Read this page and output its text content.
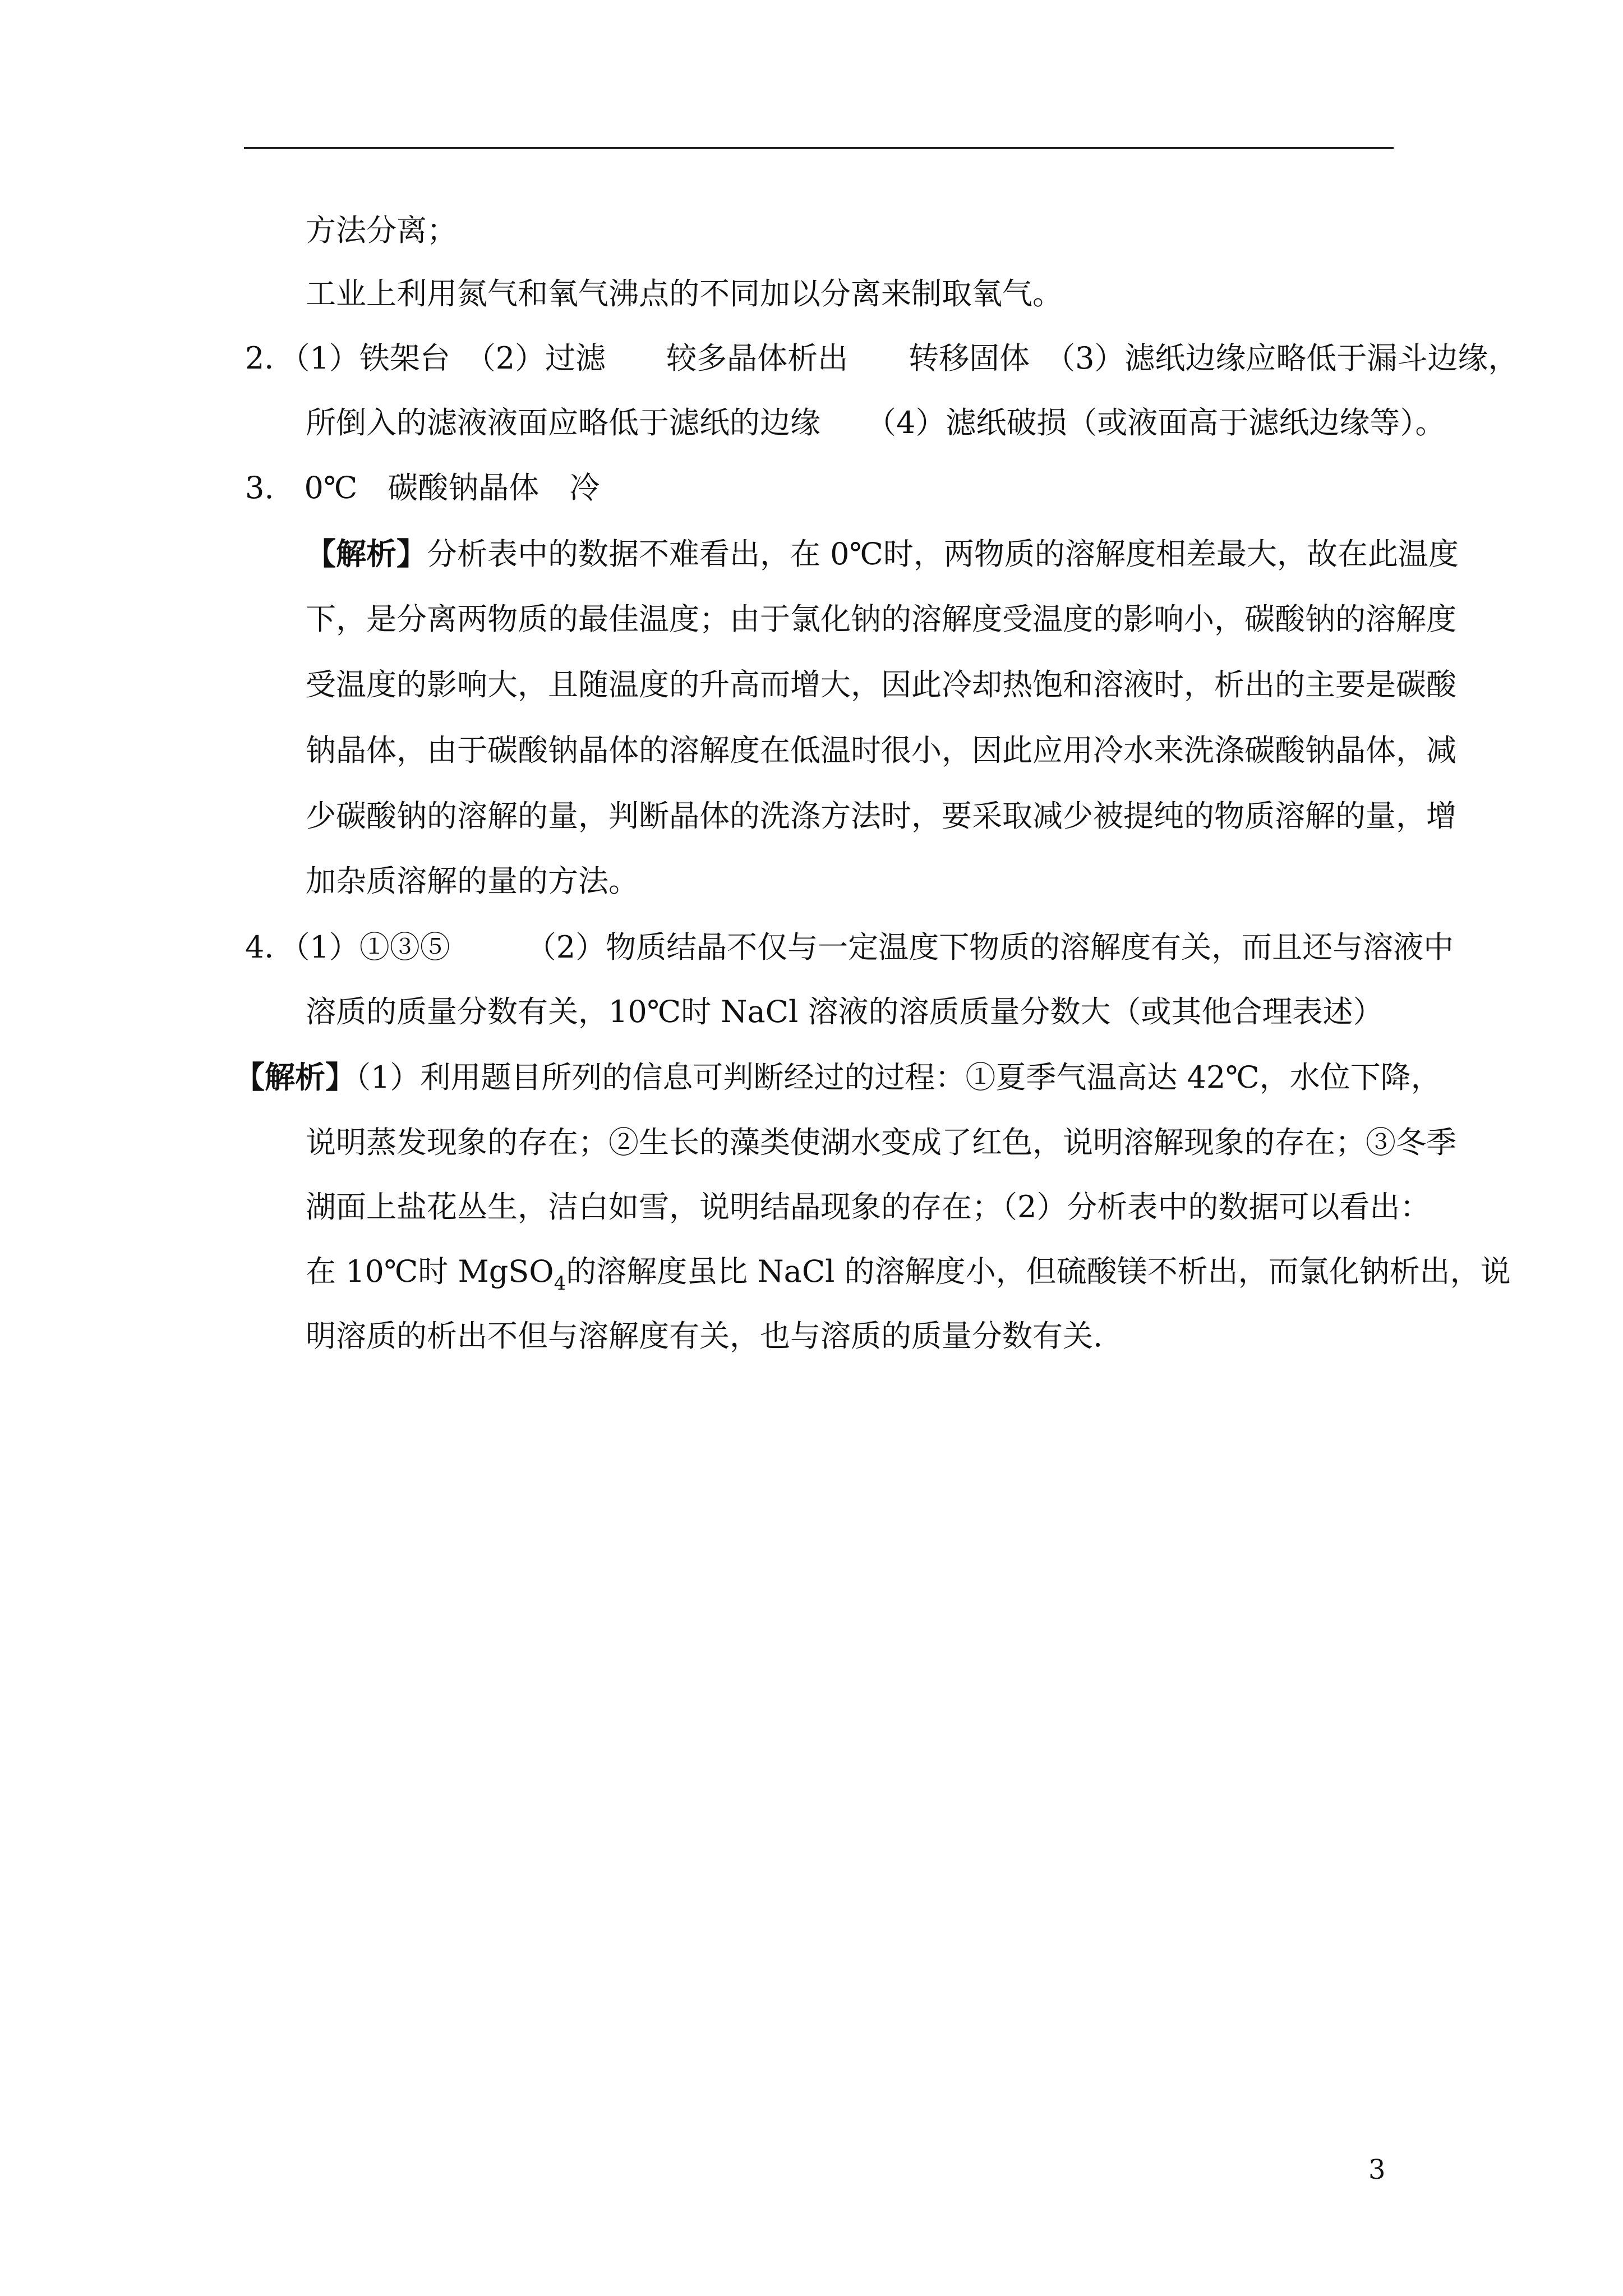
方法分离；
工业上利用氮气和氧气沸点的不同加以分离来制取氧气。
2．（1）铁架台　（2）过滤　　较多晶体析出　　转移固体　（3）滤纸边缘应略低于漏斗边缘，
所倒入的滤液液面应略低于滤纸的边缘　　（4）滤纸破损（或液面高于滤纸边缘等）。
3.　0℃　碳酸钠晶体　冷
【解析】分析表中的数据不难看出，在 0℃时，两物质的溶解度相差最大，故在此温度
下，是分离两物质的最佳温度；由于氯化钠的溶解度受温度的影响小，碳酸钠的溶解度
受温度的影响大，且随温度的升高而增大，因此冷却热饱和溶液时，析出的主要是碳酸
钠晶体，由于碳酸钠晶体的溶解度在低温时很小，因此应用冷水来洗涤碳酸钠晶体，减
少碳酸钠的溶解的量，判断晶体的洗涤方法时，要采取减少被提纯的物质溶解的量，增
加杂质溶解的量的方法。
4．（1）①③⑤　　　（2）物质结晶不仅与一定温度下物质的溶解度有关，而且还与溶液中
溶质的质量分数有关，10℃时 NaCl 溶液的溶质质量分数大（或其他合理表述）
【解析】（1）利用题目所列的信息可判断经过的过程：①夏季气温高达 42℃，水位下降，
说明蒸发现象的存在；②生长的藻类使湖水变成了红色，说明溶解现象的存在；③冬季
湖面上盐花丛生，洁白如雪，说明结晶现象的存在；（2）分析表中的数据可以看出：
在 10℃时 MgSO$_4$的溶解度虽比 NaCl 的溶解度小，但硫酸镁不析出，而氯化钠析出，说
明溶质的析出不但与溶解度有关，也与溶质的质量分数有关.
3
